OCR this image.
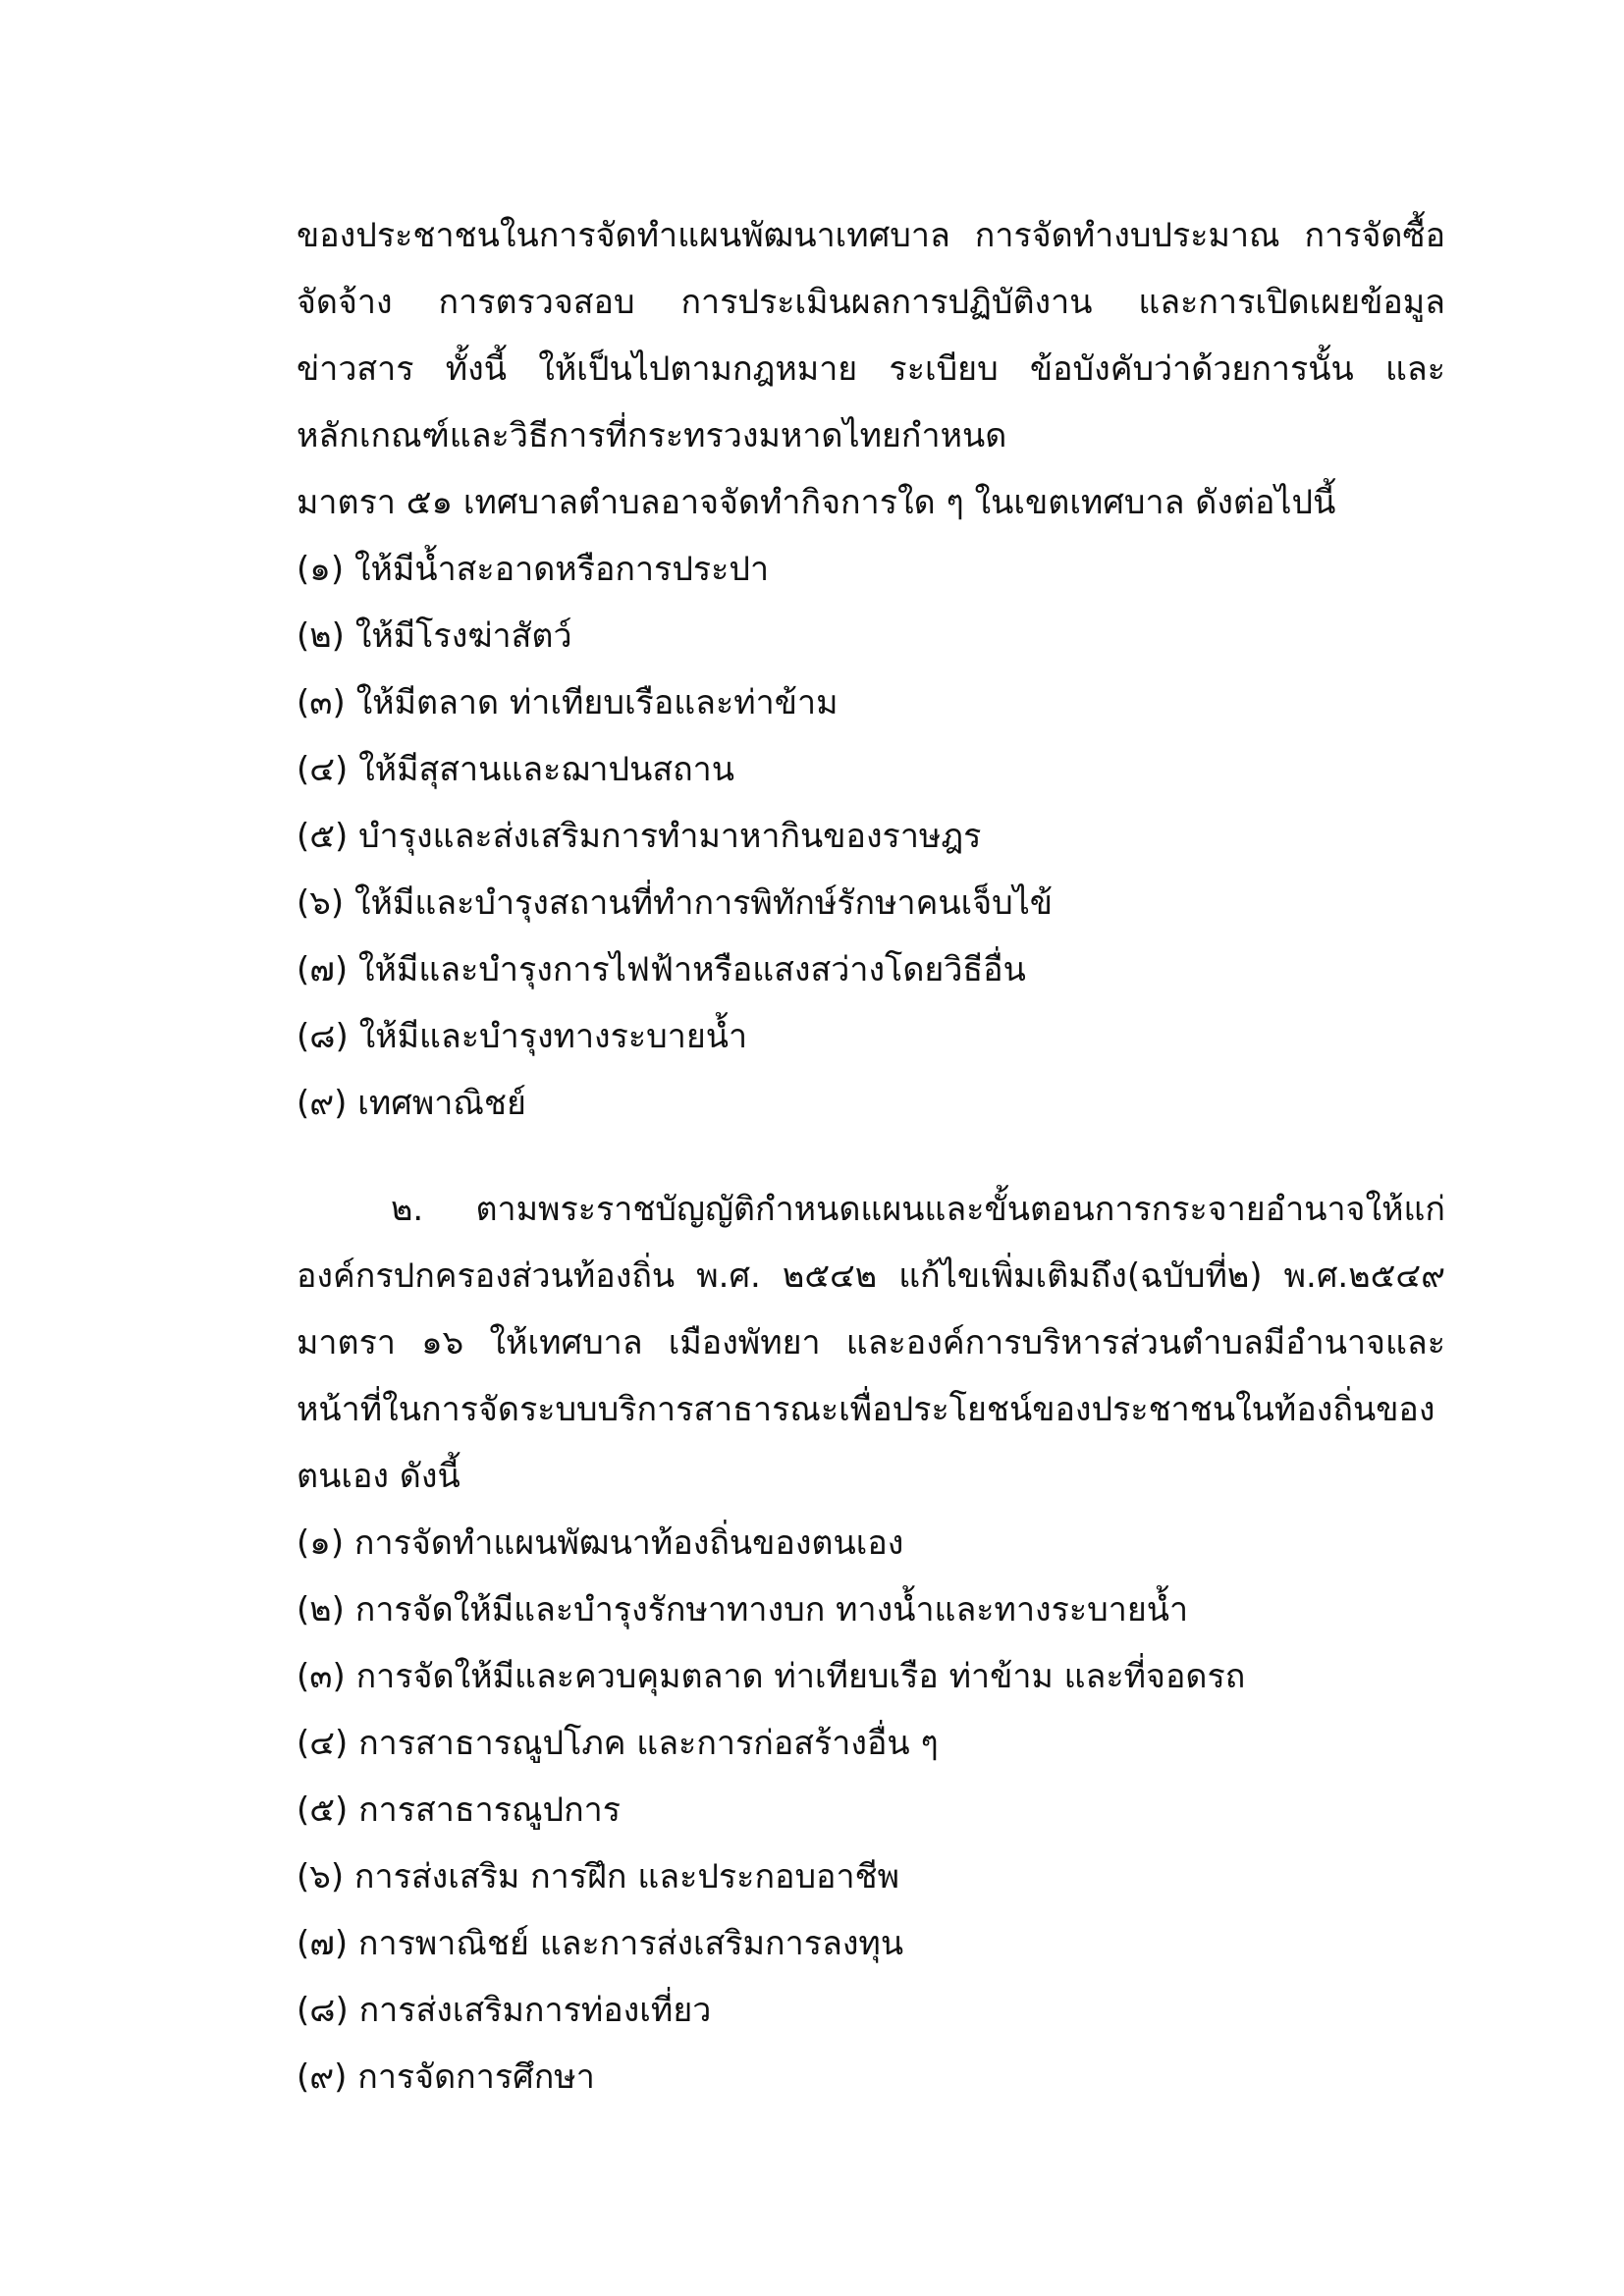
ของประชาชนในการจัดทำแผนพัฒนาเทศบาล การจัดทำงบประมาณ การจัดซื้อ
จัดจ้าง การตรวจสอบ การประเมินผลการปฏิบัติงาน และการเปิดเผยข้อมูล
ข่าวสาร ทั้งนี้ ให้เป็นไปตามกฎหมาย ระเบียบ ข้อบังคับว่าด้วยการนั้น และ
หลักเกณฑ์และวิธีการที่กระทรวงมหาดไทยกำหนด
มาตรา ๕๑ เทศบาลตำบลอาจจัดทำกิจการใด ๆ ในเขตเทศบาล ดังต่อไปนี้
(๑) ให้มีน้ำสะอาดหรือการประปา
(๒) ให้มีโรงฆ่าสัตว์
(๓) ให้มีตลาด ท่าเทียบเรือและท่าข้าม
(๔) ให้มีสุสานและฌาปนสถาน
(๕) บำรุงและส่งเสริมการทำมาหากินของราษฎร
(๖) ให้มีและบำรุงสถานที่ทำการพิทักษ์รักษาคนเจ็บไข้
(๗) ให้มีและบำรุงการไฟฟ้าหรือแสงสว่างโดยวิธีอื่น
(๘) ให้มีและบำรุงทางระบายน้ำ
(๙) เทศพาณิชย์
๒. ตามพระราชบัญญัติกำหนดแผนและขั้นตอนการกระจายอำนาจให้แก่
องค์กรปกครองส่วนท้องถิ่น พ.ศ. ๒๕๔๒ แก้ไขเพิ่มเติมถึง(ฉบับที่๒) พ.ศ.๒๕๔๙
มาตรา ๑๖ ให้เทศบาล เมืองพัทยา และองค์การบริหารส่วนตำบลมีอำนาจและ
หน้าที่ในการจัดระบบบริการสาธารณะเพื่อประโยชน์ของประชาชนในท้องถิ่นของ
ตนเอง ดังนี้
(๑) การจัดทำแผนพัฒนาท้องถิ่นของตนเอง
(๒) การจัดให้มีและบำรุงรักษาทางบก ทางน้ำและทางระบายน้ำ
(๓) การจัดให้มีและควบคุมตลาด ท่าเทียบเรือ ท่าข้าม และที่จอดรถ
(๔) การสาธารณูปโภค และการก่อสร้างอื่น ๆ
(๕) การสาธารณูปการ
(๖) การส่งเสริม การฝึก และประกอบอาชีพ
(๗) การพาณิชย์ และการส่งเสริมการลงทุน
(๘) การส่งเสริมการท่องเที่ยว
(๙) การจัดการศึกษา
